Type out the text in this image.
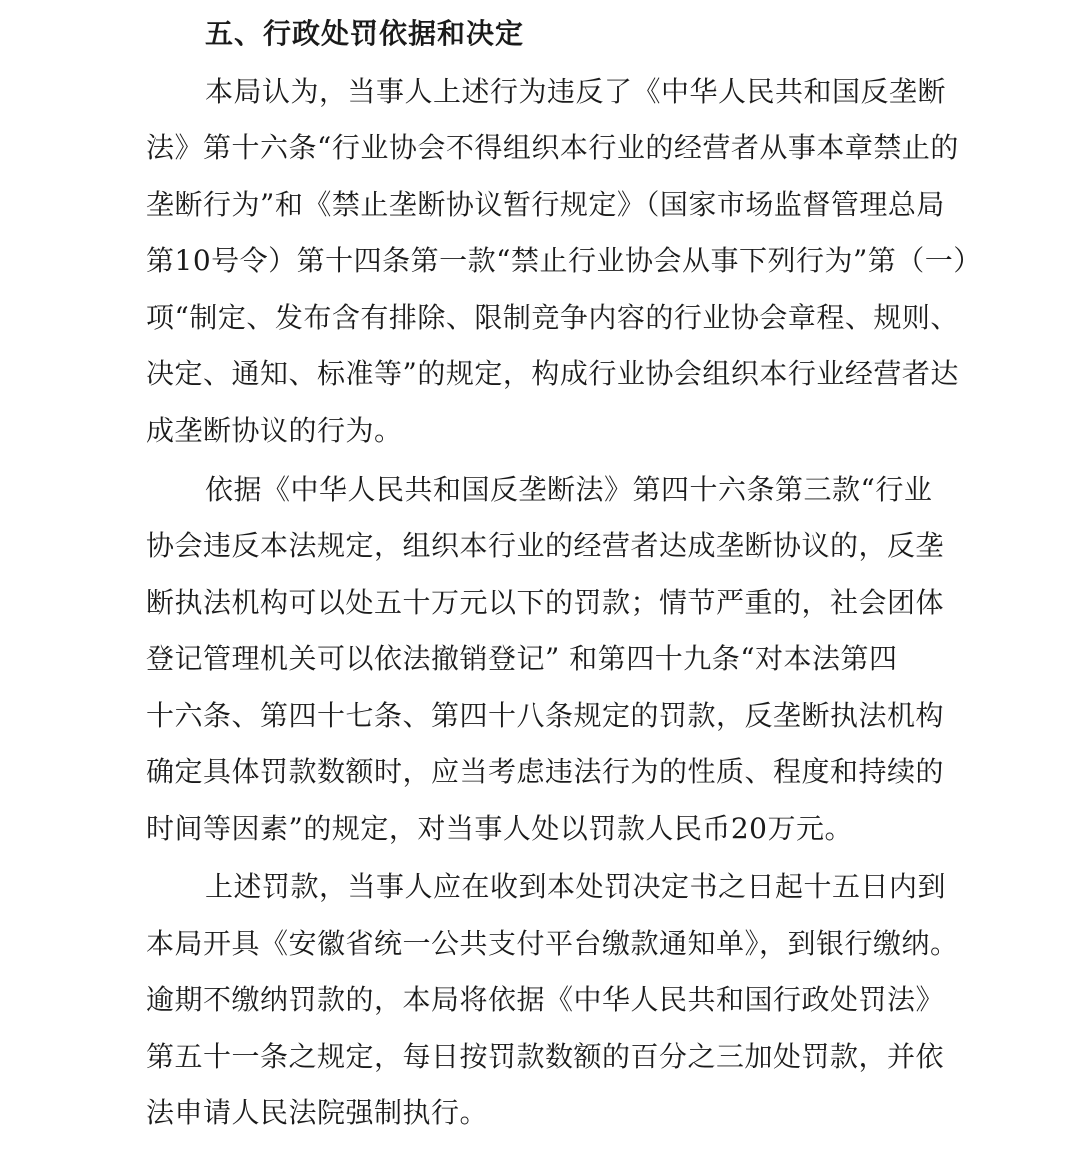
五、行政处罚依据和决定
本局认为，当事人上述行为违反了《中华人民共和国反垄断
法》第十六条“行业协会不得组织本行业的经营者从事本章禁止的
垄断行为”和《禁止垄断协议暂行规定》（国家市场监督管理总局
第10号令）第十四条第一款“禁止行业协会从事下列行为”第（一）
项“制定、发布含有排除、限制竞争内容的行业协会章程、规则、
决定、通知、标准等”的规定，构成行业协会组织本行业经营者达
成垄断协议的行为。
依据《中华人民共和国反垄断法》第四十六条第三款“行业
协会违反本法规定，组织本行业的经营者达成垄断协议的，反垄
断执法机构可以处五十万元以下的罚款；情节严重的，社会团体
登记管理机关可以依法撤销登记” 和第四十九条“对本法第四
十六条、第四十七条、第四十八条规定的罚款，反垄断执法机构
确定具体罚款数额时，应当考虑违法行为的性质、程度和持续的
时间等因素”的规定，对当事人处以罚款人民币20万元。
上述罚款，当事人应在收到本处罚决定书之日起十五日内到
本局开具《安徽省统一公共支付平台缴款通知单》，到银行缴纳。
逾期不缴纳罚款的，本局将依据《中华人民共和国行政处罚法》
第五十一条之规定，每日按罚款数额的百分之三加处罚款，并依
法申请人民法院强制执行。
